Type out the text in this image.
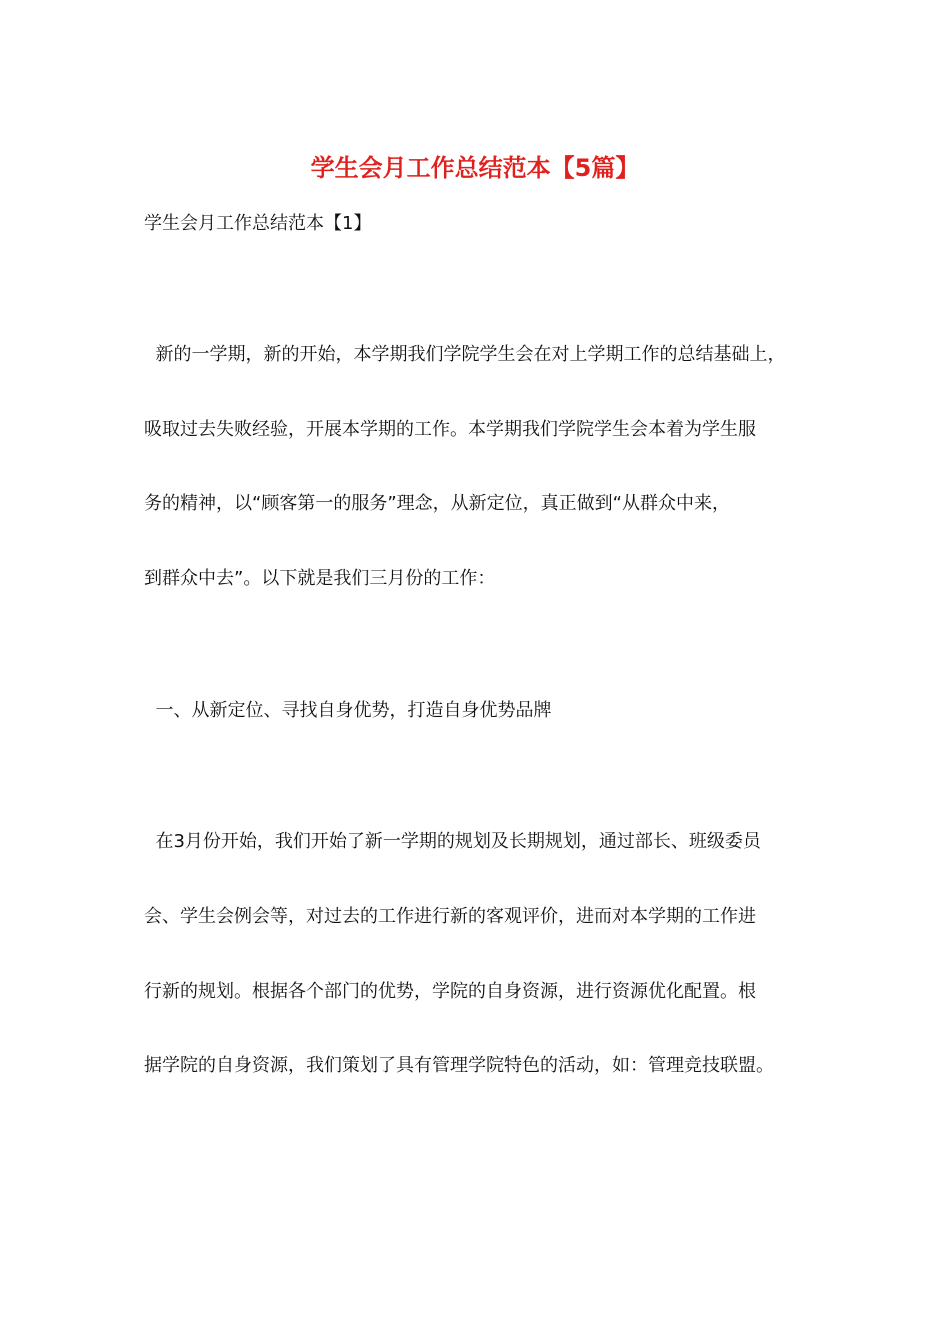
学生会月工作总结范本【5篇】
学生会月工作总结范本【1】
新的一学期，新的开始，本学期我们学院学生会在对上学期工作的总结基础上，
吸取过去失败经验，开展本学期的工作。本学期我们学院学生会本着为学生服
务的精神，以“顾客第一的服务”理念，从新定位，真正做到“从群众中来，
到群众中去”。以下就是我们三月份的工作：
一、从新定位、寻找自身优势，打造自身优势品牌
在3月份开始，我们开始了新一学期的规划及长期规划，通过部长、班级委员
会、学生会例会等，对过去的工作进行新的客观评价，进而对本学期的工作进
行新的规划。根据各个部门的优势，学院的自身资源，进行资源优化配置。根
据学院的自身资源，我们策划了具有管理学院特色的活动，如：管理竞技联盟。
